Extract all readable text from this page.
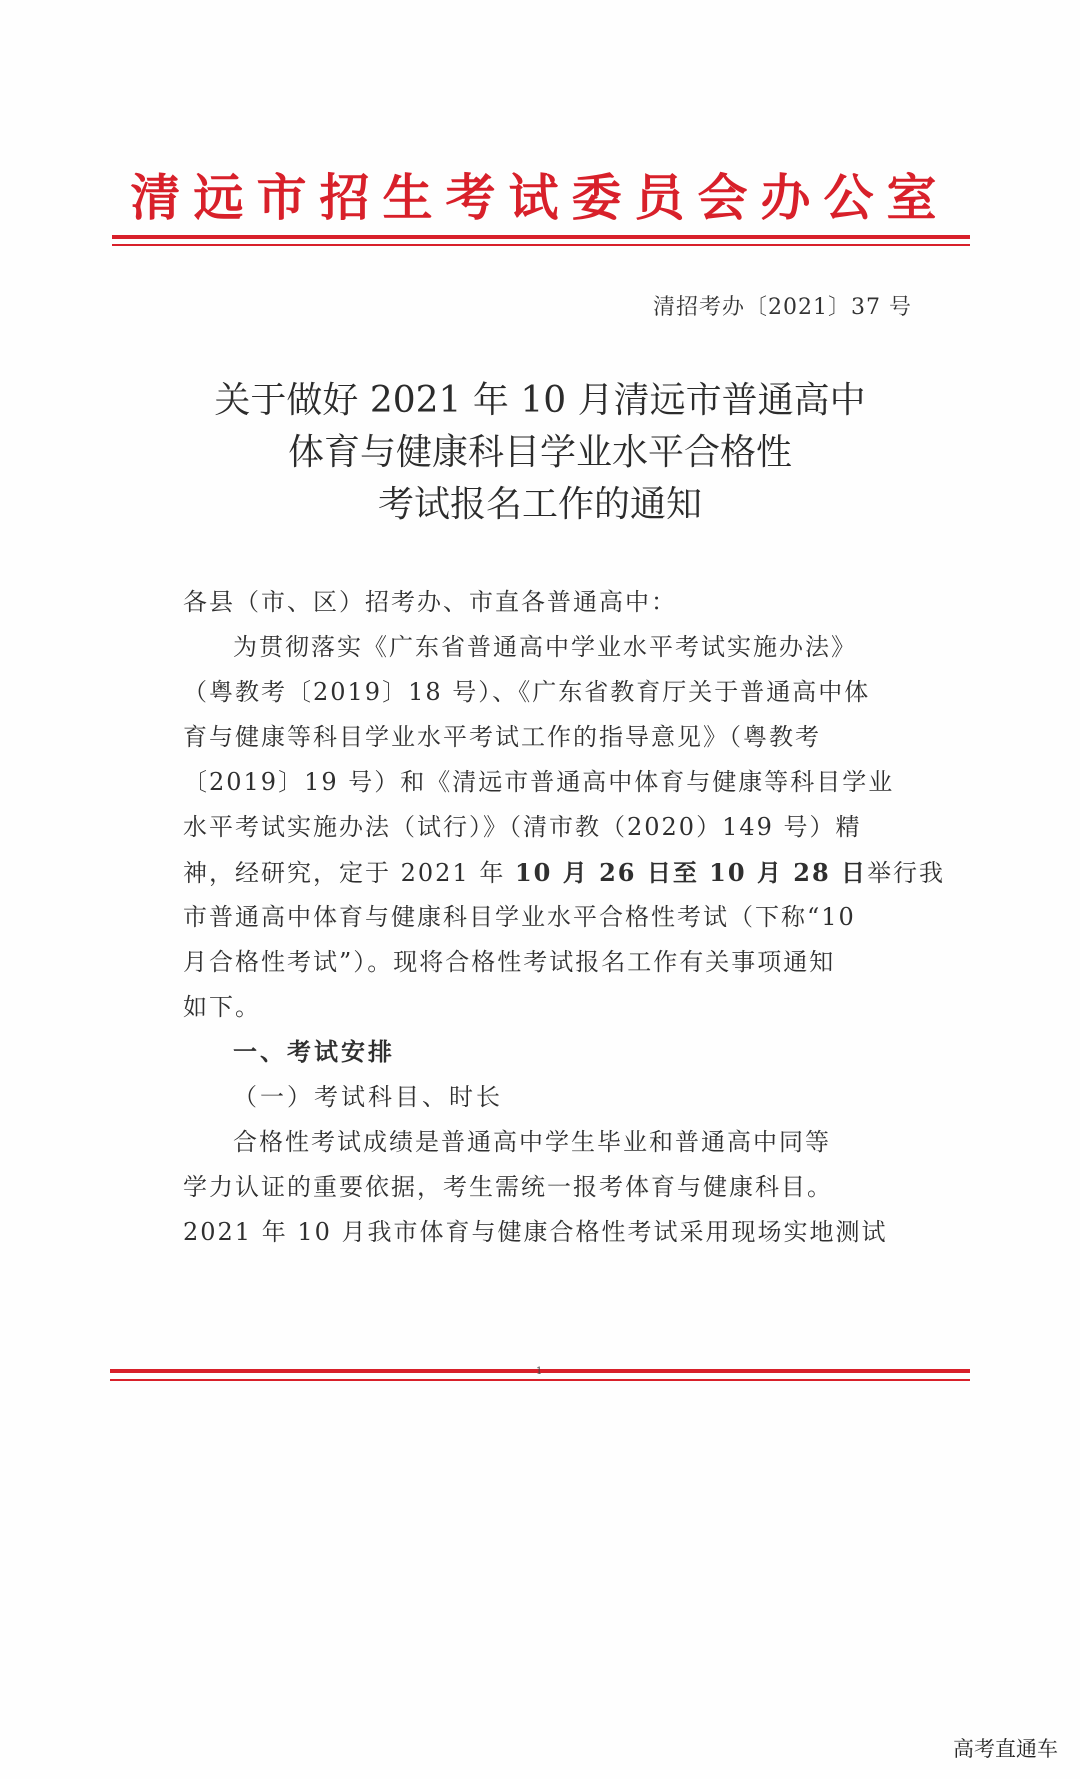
清远市招生考试委员会办公室
清招考办〔2021〕37 号
关于做好 2021 年 10 月清远市普通高中
体育与健康科目学业水平合格性
考试报名工作的通知
各县（市、区）招考办、市直各普通高中：
为贯彻落实《广东省普通高中学业水平考试实施办法》
（粤教考〔2019〕18 号）、《广东省教育厅关于普通高中体
育与健康等科目学业水平考试工作的指导意见》（粤教考
〔2019〕19 号）和《清远市普通高中体育与健康等科目学业
水平考试实施办法（试行）》（清市教（2020）149 号）精
神，经研究，定于 2021 年 10 月 26 日至 10 月 28 日举行我
市普通高中体育与健康科目学业水平合格性考试（下称“10
月合格性考试”）。现将合格性考试报名工作有关事项通知
如下。
一、考试安排
（一）考试科目、时长
合格性考试成绩是普通高中学生毕业和普通高中同等
学力认证的重要依据，考生需统一报考体育与健康科目。
2021 年 10 月我市体育与健康合格性考试采用现场实地测试
1
高考直通车
